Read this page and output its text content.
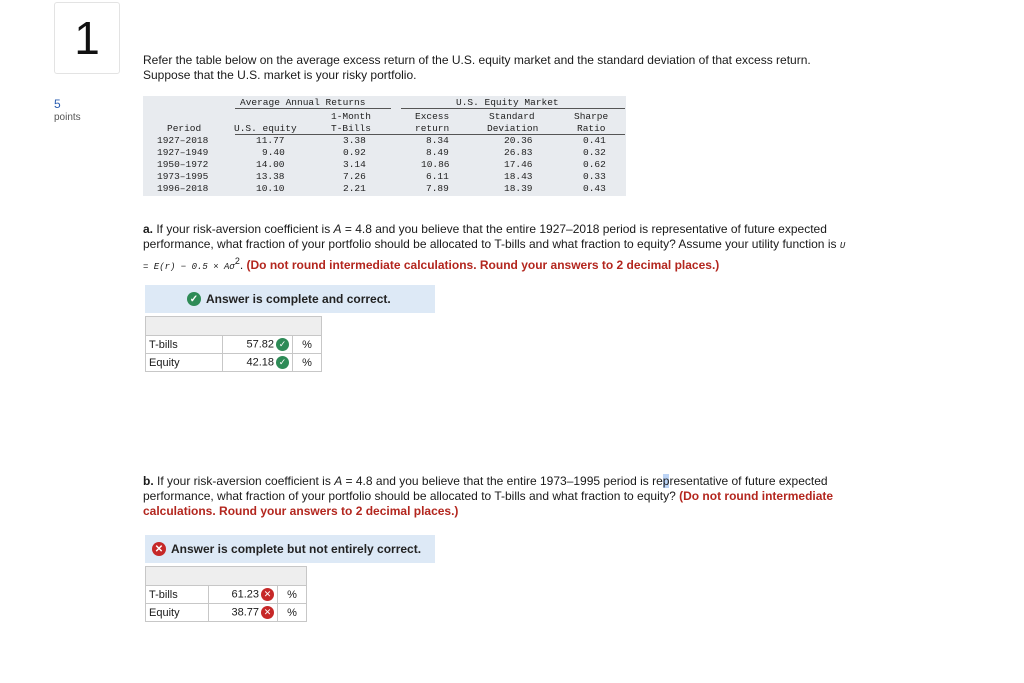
1
5
points
Refer the table below on the average excess return of the U.S. equity market and the standard deviation of that excess return.
Suppose that the U.S. market is your risky portfolio.
Average Annual Returns	U.S. Equity Market
1-Month	Excess	Standard	Sharpe
Period	U.S. equity	T-Bills	return	Deviation	Ratio
1927–2018	11.77	3.38	8.34	20.36	0.41
1927–1949	9.40	0.92	8.49	26.83	0.32
1950–1972	14.00	3.14	10.86	17.46	0.62
1973–1995	13.38	7.26	6.11	18.43	0.33
1996–2018	10.10	2.21	7.89	18.39	0.43
a. If your risk-aversion coefficient is A = 4.8 and you believe that the entire 1927–2018 period is representative of future expected
performance, what fraction of your portfolio should be allocated to T-bills and what fraction to equity? Assume your utility function is U
= $E(r) - 0.5 \times A\sigma^2$. (Do not round intermediate calculations. Round your answers to 2 decimal places.)
✓ Answer is complete and correct.

T-bills	57.82 ✓	%
Equity	42.18 ✓	%
b. If your risk-aversion coefficient is A = 4.8 and you believe that the entire 1973–1995 period is representative of future expected
performance, what fraction of your portfolio should be allocated to T-bills and what fraction to equity? (Do not round intermediate
calculations. Round your answers to 2 decimal places.)
✕ Answer is complete but not entirely correct.

T-bills	61.23 ✕	%
Equity	38.77 ✕	%
